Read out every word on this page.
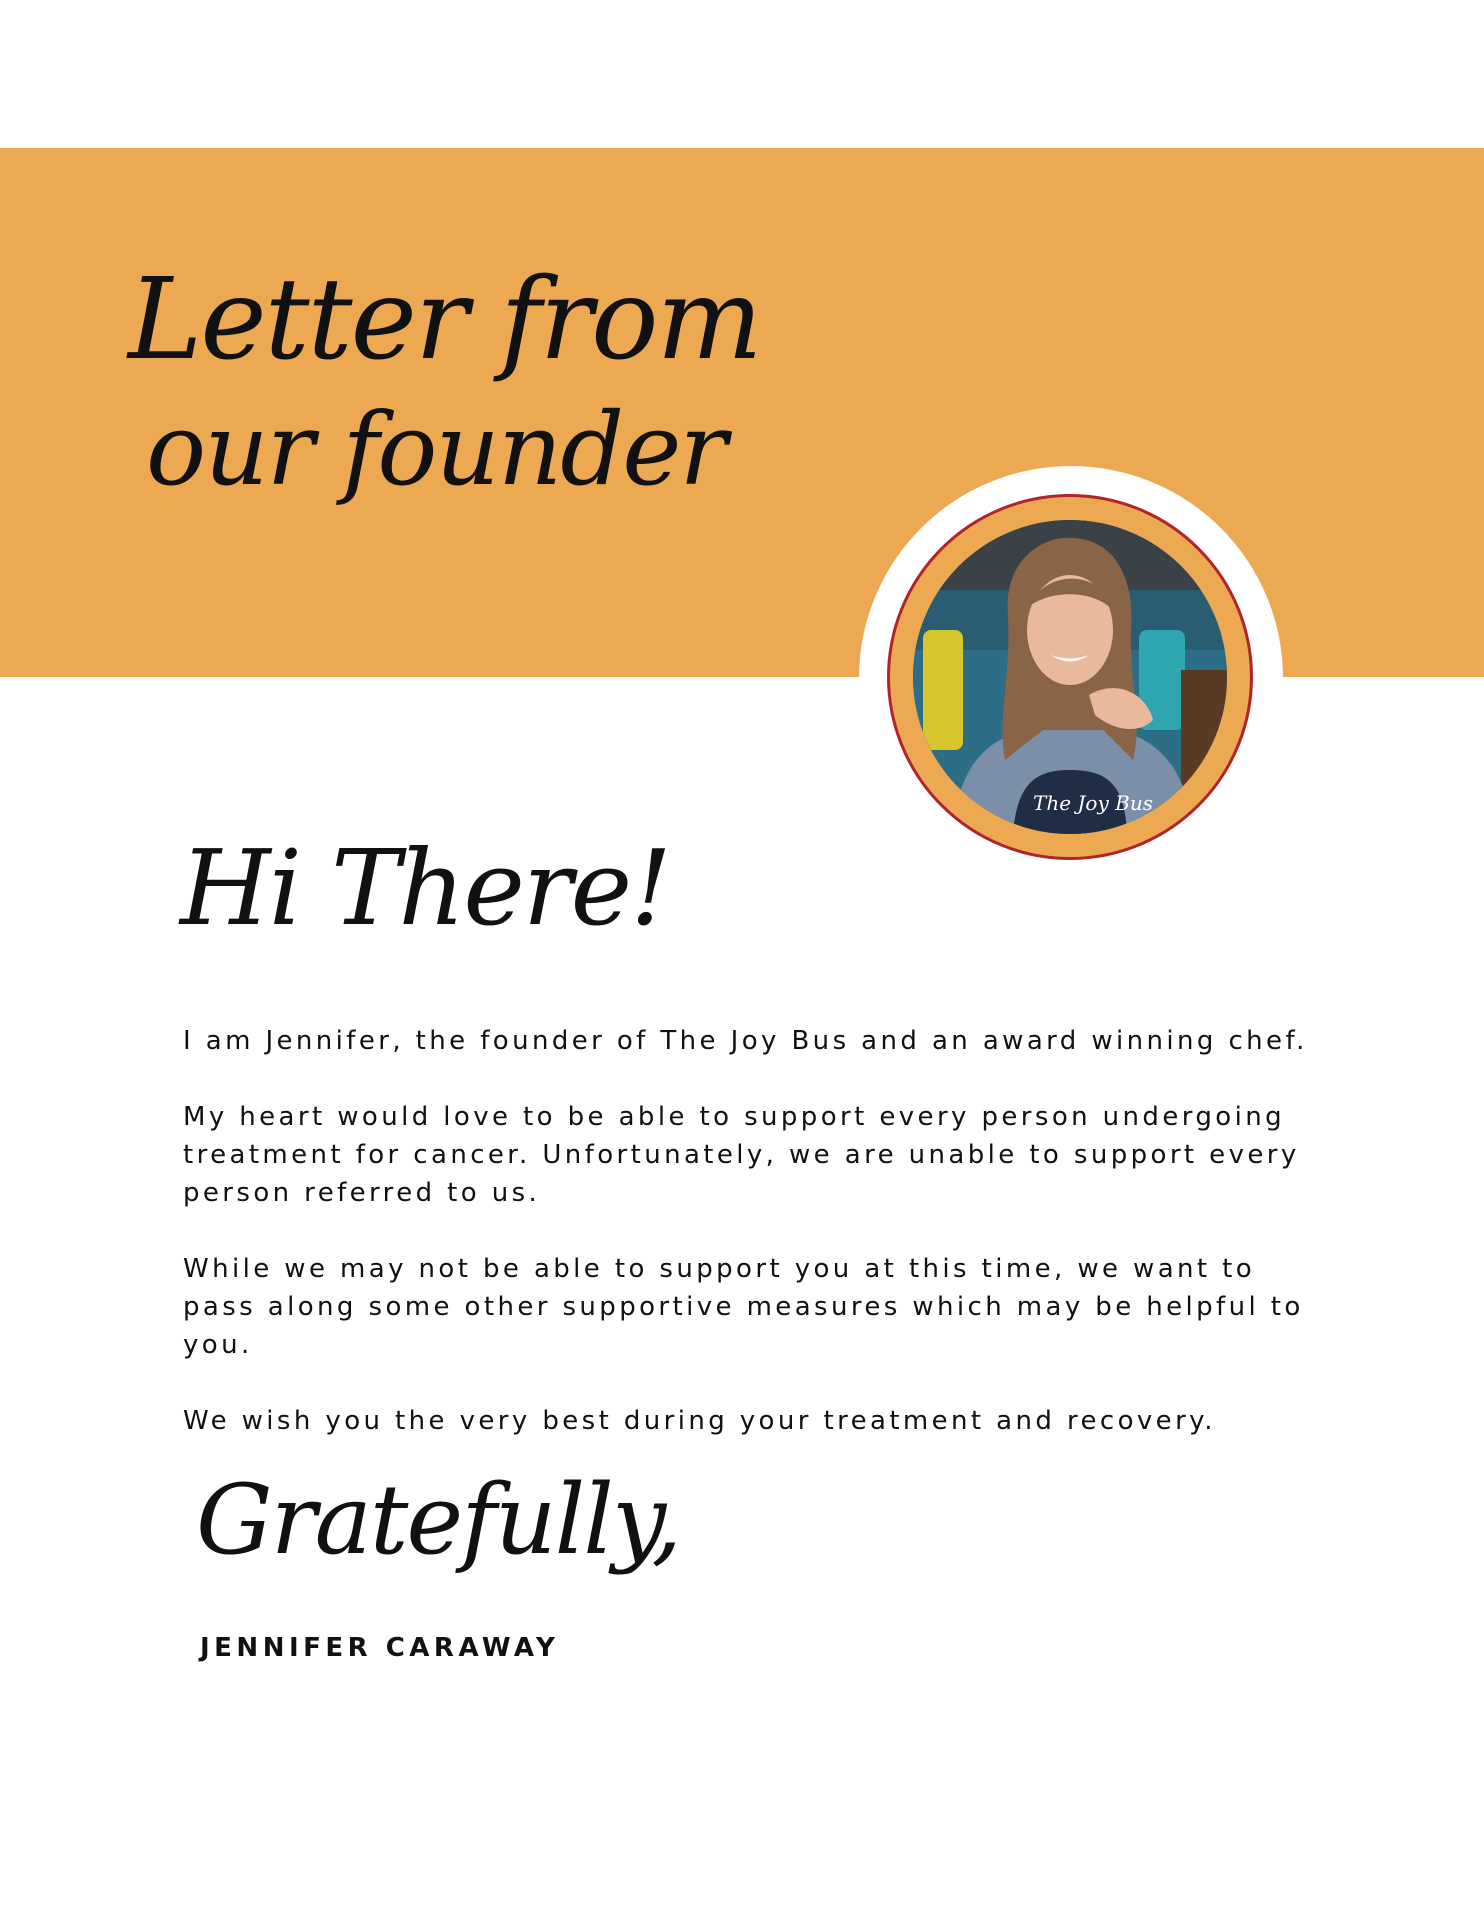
Letter from
our founder
The Joy Bus
Hi There!

I am Jennifer, the founder of The Joy Bus and an award winning chef.

My heart would love to be able to support every person undergoing treatment for cancer. Unfortunately, we are unable to support every person referred to us.

While we may not be able to support you at this time, we want to pass along some other supportive measures which may be helpful to you.

We wish you the very best during your treatment and recovery.

Gratefully,
JENNIFER CARAWAY
